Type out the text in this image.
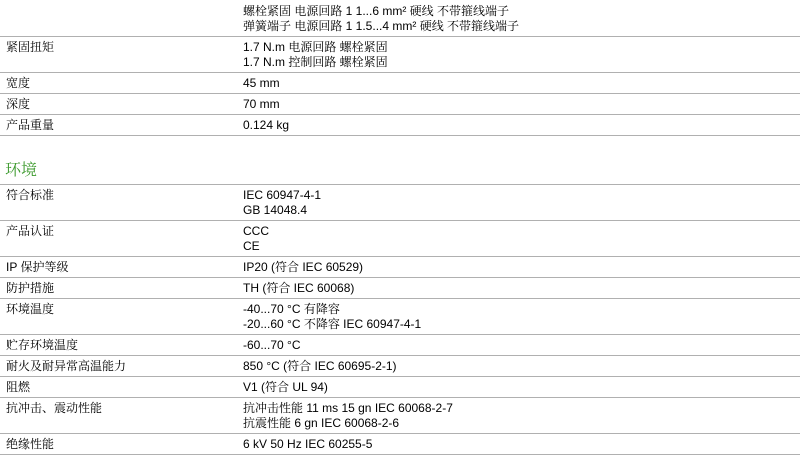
螺栓紧固 电源回路 1 1...6 mm² 硬线 不带箍线端子
弹簧端子 电源回路 1 1.5...4 mm² 硬线 不带箍线端子
紧固扭矩	1.7 N.m 电源回路 螺栓紧固
1.7 N.m 控制回路 螺栓紧固
宽度	45 mm
深度	70 mm
产品重量	0.124 kg
环境
符合标准	IEC 60947-4-1
GB 14048.4
产品认证	CCC
CE
IP 保护等级	IP20 (符合 IEC 60529)
防护措施	TH (符合 IEC 60068)
环境温度	-40...70 °C 有降容
-20...60 °C 不降容 IEC 60947-4-1
贮存环境温度	-60...70 °C
耐火及耐异常高温能力	850 °C (符合 IEC 60695-2-1)
阻燃	V1 (符合 UL 94)
抗冲击、震动性能	抗冲击性能 11 ms 15 gn IEC 60068-2-7
抗震性能 6 gn IEC 60068-2-6
绝缘性能	6 kV 50 Hz IEC 60255-5
